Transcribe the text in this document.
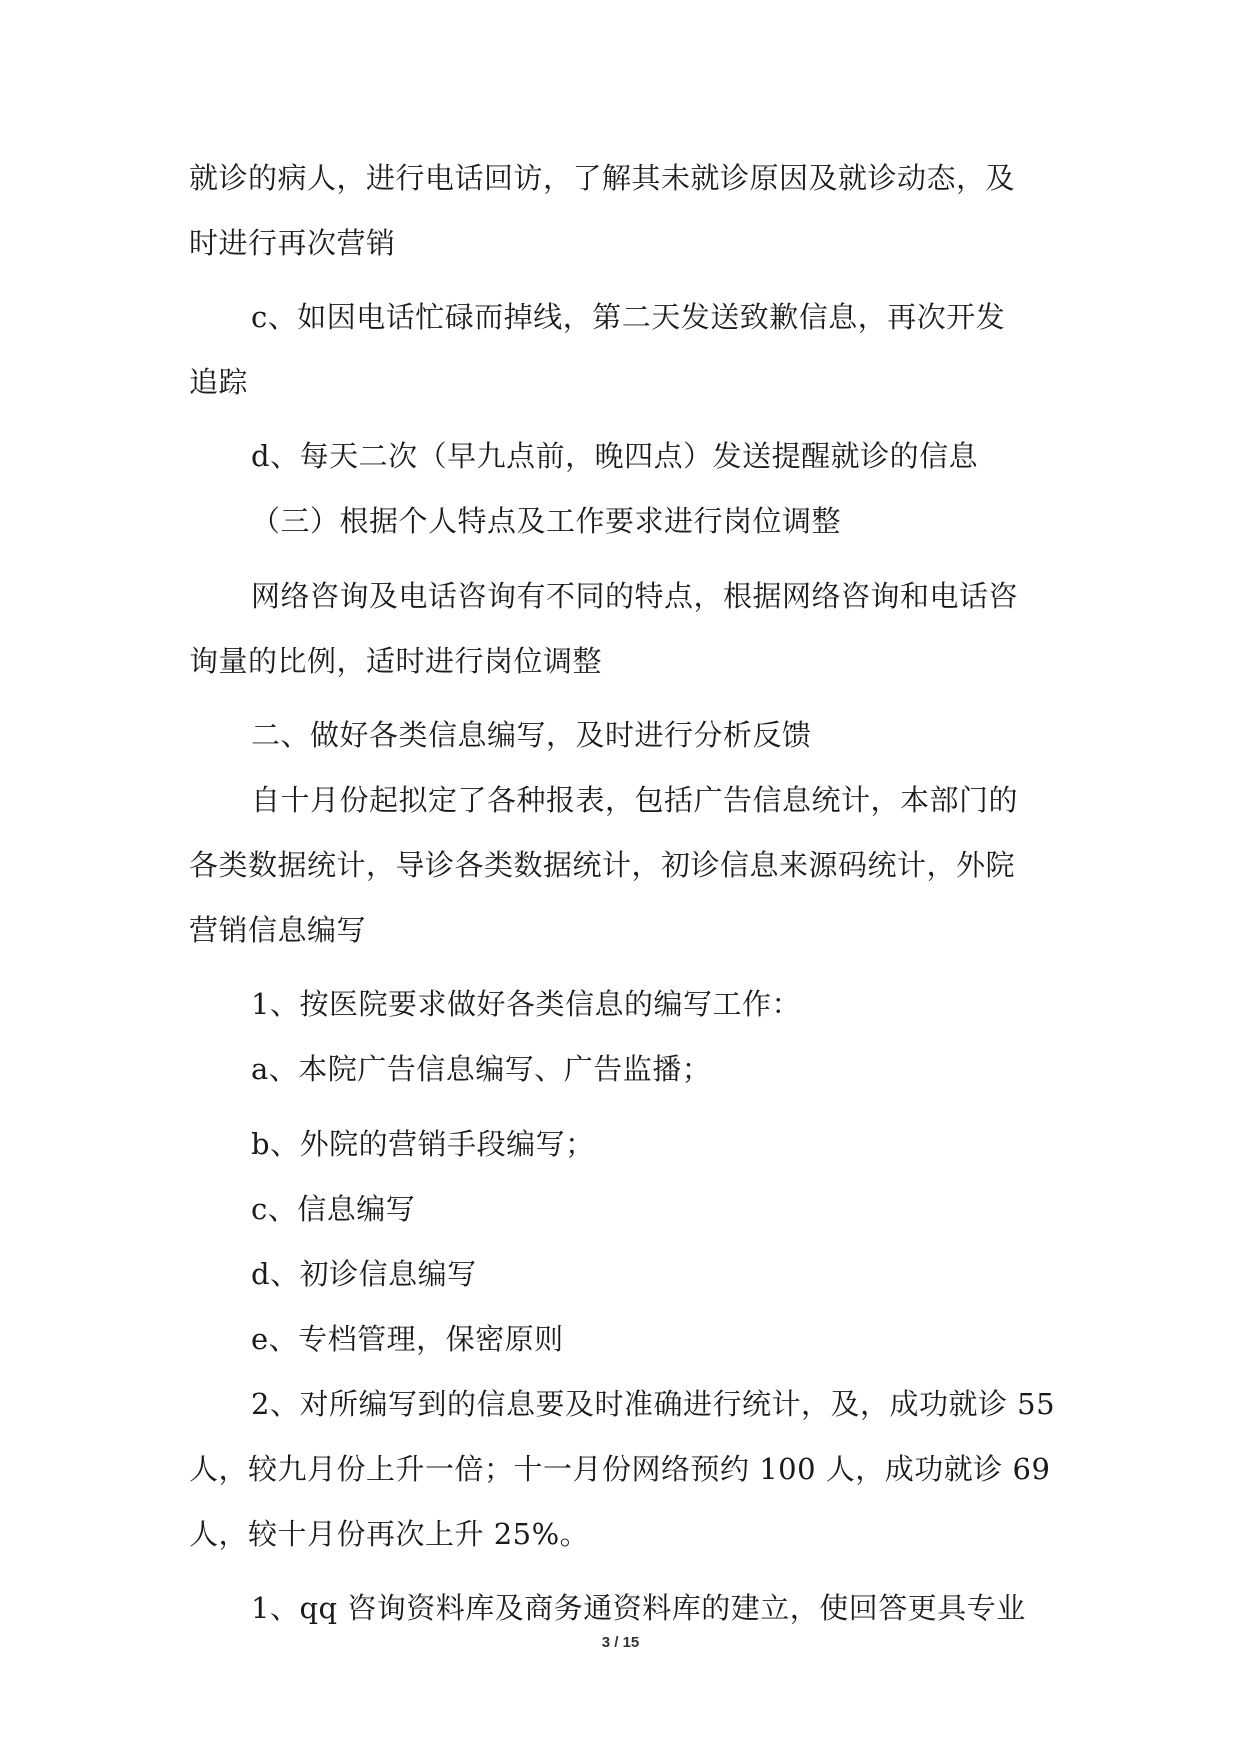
就诊的病人，进行电话回访，了解其未就诊原因及就诊动态，及
时进行再次营销
c、如因电话忙碌而掉线，第二天发送致歉信息，再次开发
追踪
d、每天二次（早九点前，晚四点）发送提醒就诊的信息
（三）根据个人特点及工作要求进行岗位调整
网络咨询及电话咨询有不同的特点，根据网络咨询和电话咨
询量的比例，适时进行岗位调整
二、做好各类信息编写，及时进行分析反馈
自十月份起拟定了各种报表，包括广告信息统计，本部门的
各类数据统计，导诊各类数据统计，初诊信息来源码统计，外院
营销信息编写
1、按医院要求做好各类信息的编写工作：
a、本院广告信息编写、广告监播；
b、外院的营销手段编写；
c、信息编写
d、初诊信息编写
e、专档管理，保密原则
2、对所编写到的信息要及时准确进行统计，及，成功就诊 55
人，较九月份上升一倍；十一月份网络预约 100 人，成功就诊 69
人，较十月份再次上升 25%。
1、qq 咨询资料库及商务通资料库的建立，使回答更具专业
3 / 15
